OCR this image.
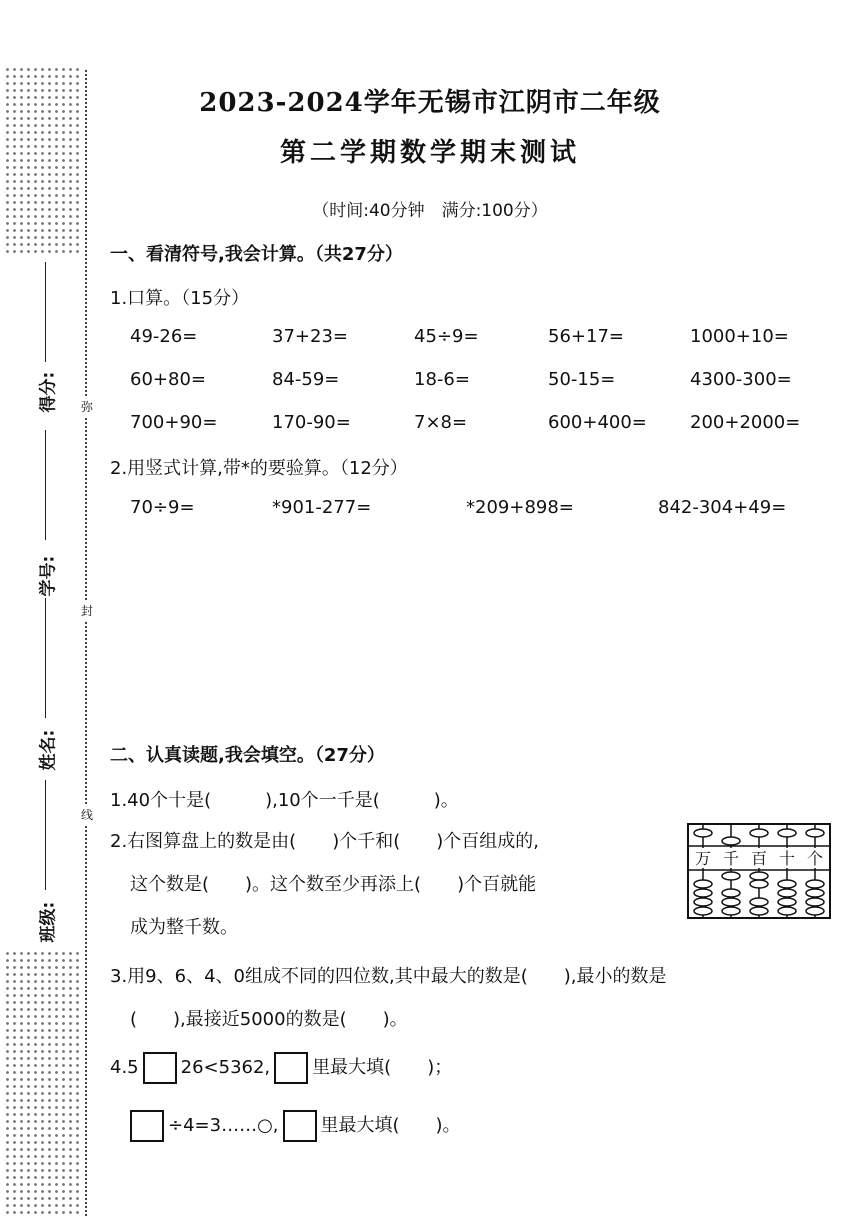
得分:
学号:
姓名:
班级:
弥
封
线
2023-2024学年无锡市江阴市二年级
第二学期数学期末测试
（时间:40分钟　满分:100分）
一、看清符号,我会计算。（共27分）
1.口算。（15分）
49-26=	37+23=	45÷9=	56+17=	1000+10=
60+80=	84-59=	18-6=	50-15=	4300-300=
700+90=	170-90=	7×8=	600+400= 200+2000=
2.用竖式计算,带*的要验算。（12分）
70÷9=	*901-277=	*209+898=	842-304+49=
二、认真读题,我会填空。（27分）
1.40个十是(　　　),10个一千是(　　　)。
2.右图算盘上的数是由(　　)个千和(　　)个百组成的,
这个数是(　　)。这个数至少再添上(　　)个百就能
成为整千数。
万 千 百 十 个
3.用9、6、4、0组成不同的四位数,其中最大的数是(　　),最小的数是
(　　),最接近5000的数是(　　)。
4.5 26<5362, 里最大填(　　)；
÷4=3……○, 里最大填(　　)。
